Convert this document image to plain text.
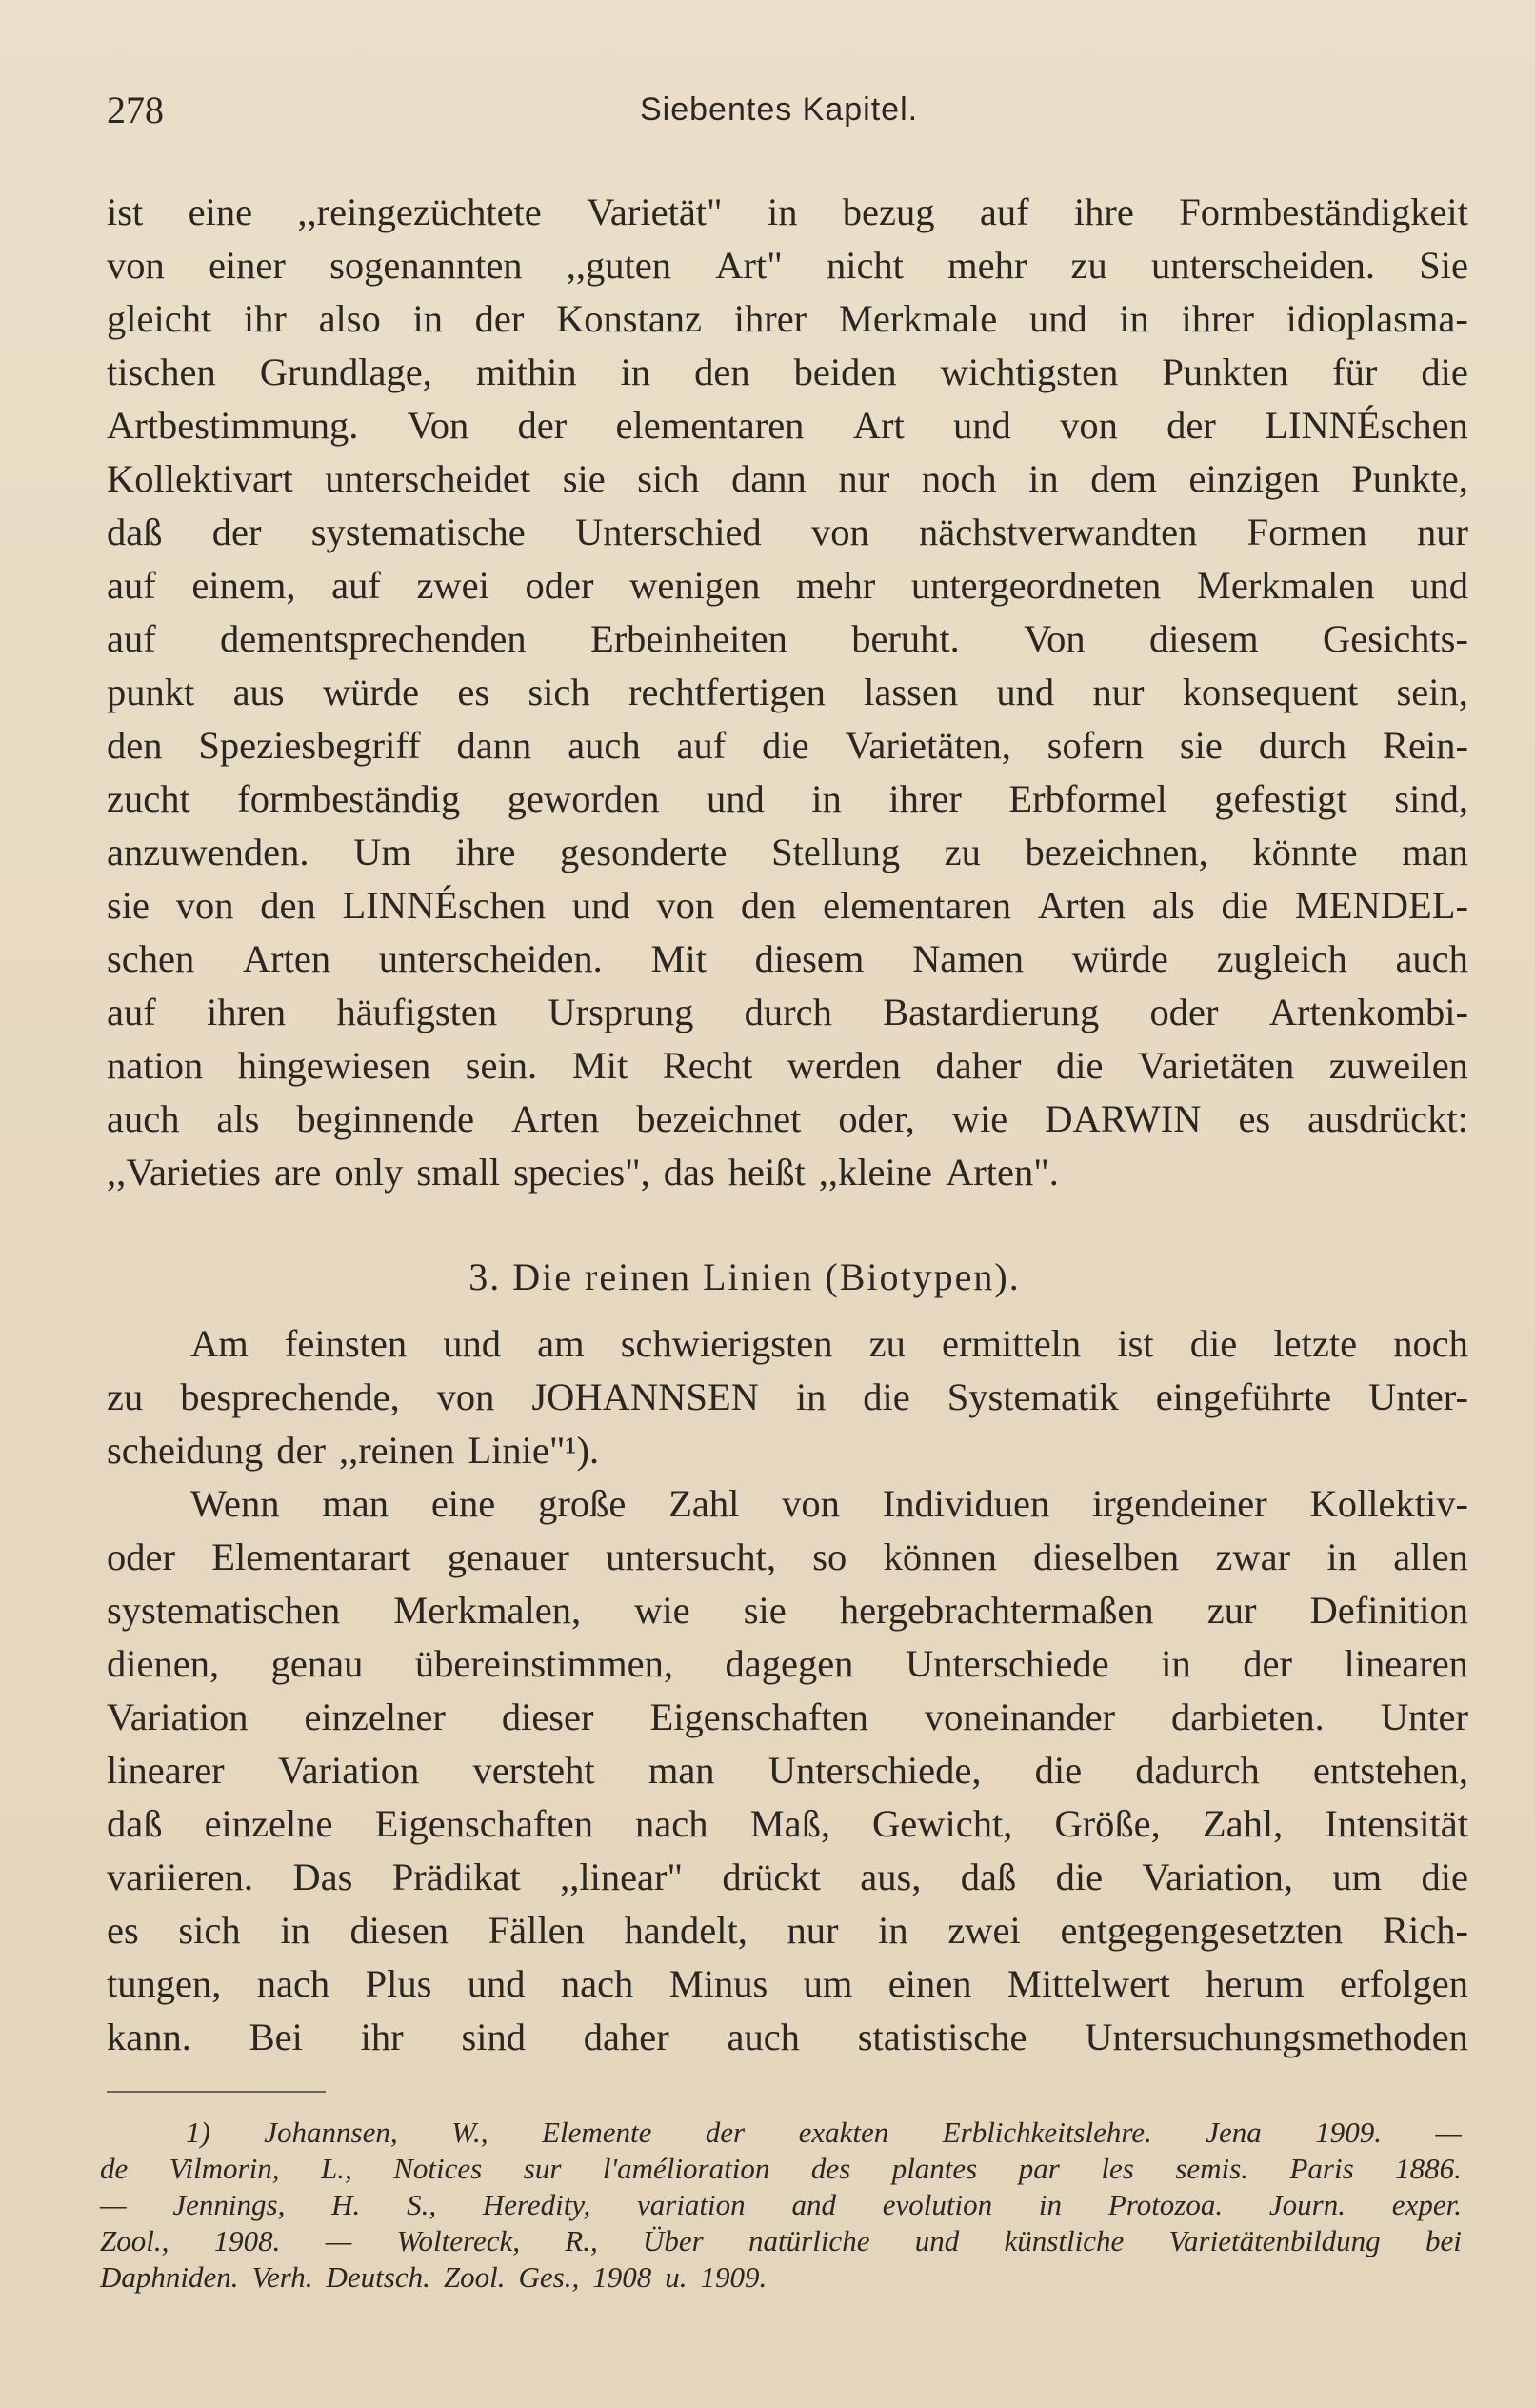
278	Siebentes Kapitel.
ist eine ,,reingezüchtete Varietät" in bezug auf ihre Formbeständigkeit
von einer sogenannten ,,guten Art" nicht mehr zu unterscheiden. Sie
gleicht ihr also in der Konstanz ihrer Merkmale und in ihrer idioplasma-
tischen Grundlage, mithin in den beiden wichtigsten Punkten für die
Artbestimmung. Von der elementaren Art und von der LINNÉschen
Kollektivart unterscheidet sie sich dann nur noch in dem einzigen Punkte,
daß der systematische Unterschied von nächstverwandten Formen nur
auf einem, auf zwei oder wenigen mehr untergeordneten Merkmalen und
auf dementsprechenden Erbeinheiten beruht. Von diesem Gesichts-
punkt aus würde es sich rechtfertigen lassen und nur konsequent sein,
den Speziesbegriff dann auch auf die Varietäten, sofern sie durch Rein-
zucht formbeständig geworden und in ihrer Erbformel gefestigt sind,
anzuwenden. Um ihre gesonderte Stellung zu bezeichnen, könnte man
sie von den LINNÉschen und von den elementaren Arten als die MENDEL-
schen Arten unterscheiden. Mit diesem Namen würde zugleich auch
auf ihren häufigsten Ursprung durch Bastardierung oder Artenkombi-
nation hingewiesen sein. Mit Recht werden daher die Varietäten zuweilen
auch als beginnende Arten bezeichnet oder, wie DARWIN es ausdrückt:
,,Varieties are only small species", das heißt ,,kleine Arten".
3. Die reinen Linien (Biotypen).
Am feinsten und am schwierigsten zu ermitteln ist die letzte noch
zu besprechende, von JOHANNSEN in die Systematik eingeführte Unter-
scheidung der ,,reinen Linie"¹).
Wenn man eine große Zahl von Individuen irgendeiner Kollektiv-
oder Elementarart genauer untersucht, so können dieselben zwar in allen
systematischen Merkmalen, wie sie hergebrachtermaßen zur Definition
dienen, genau übereinstimmen, dagegen Unterschiede in der linearen
Variation einzelner dieser Eigenschaften voneinander darbieten. Unter
linearer Variation versteht man Unterschiede, die dadurch entstehen,
daß einzelne Eigenschaften nach Maß, Gewicht, Größe, Zahl, Intensität
variieren. Das Prädikat ,,linear" drückt aus, daß die Variation, um die
es sich in diesen Fällen handelt, nur in zwei entgegengesetzten Rich-
tungen, nach Plus und nach Minus um einen Mittelwert herum erfolgen
kann. Bei ihr sind daher auch statistische Untersuchungsmethoden
1) Johannsen, W., Elemente der exakten Erblichkeitslehre. Jena 1909. —
de Vilmorin, L., Notices sur l'amélioration des plantes par les semis. Paris 1886.
— Jennings, H. S., Heredity, variation and evolution in Protozoa. Journ. exper.
Zool., 1908. — Woltereck, R., Über natürliche und künstliche Varietätenbildung bei
Daphniden. Verh. Deutsch. Zool. Ges., 1908 u. 1909.
